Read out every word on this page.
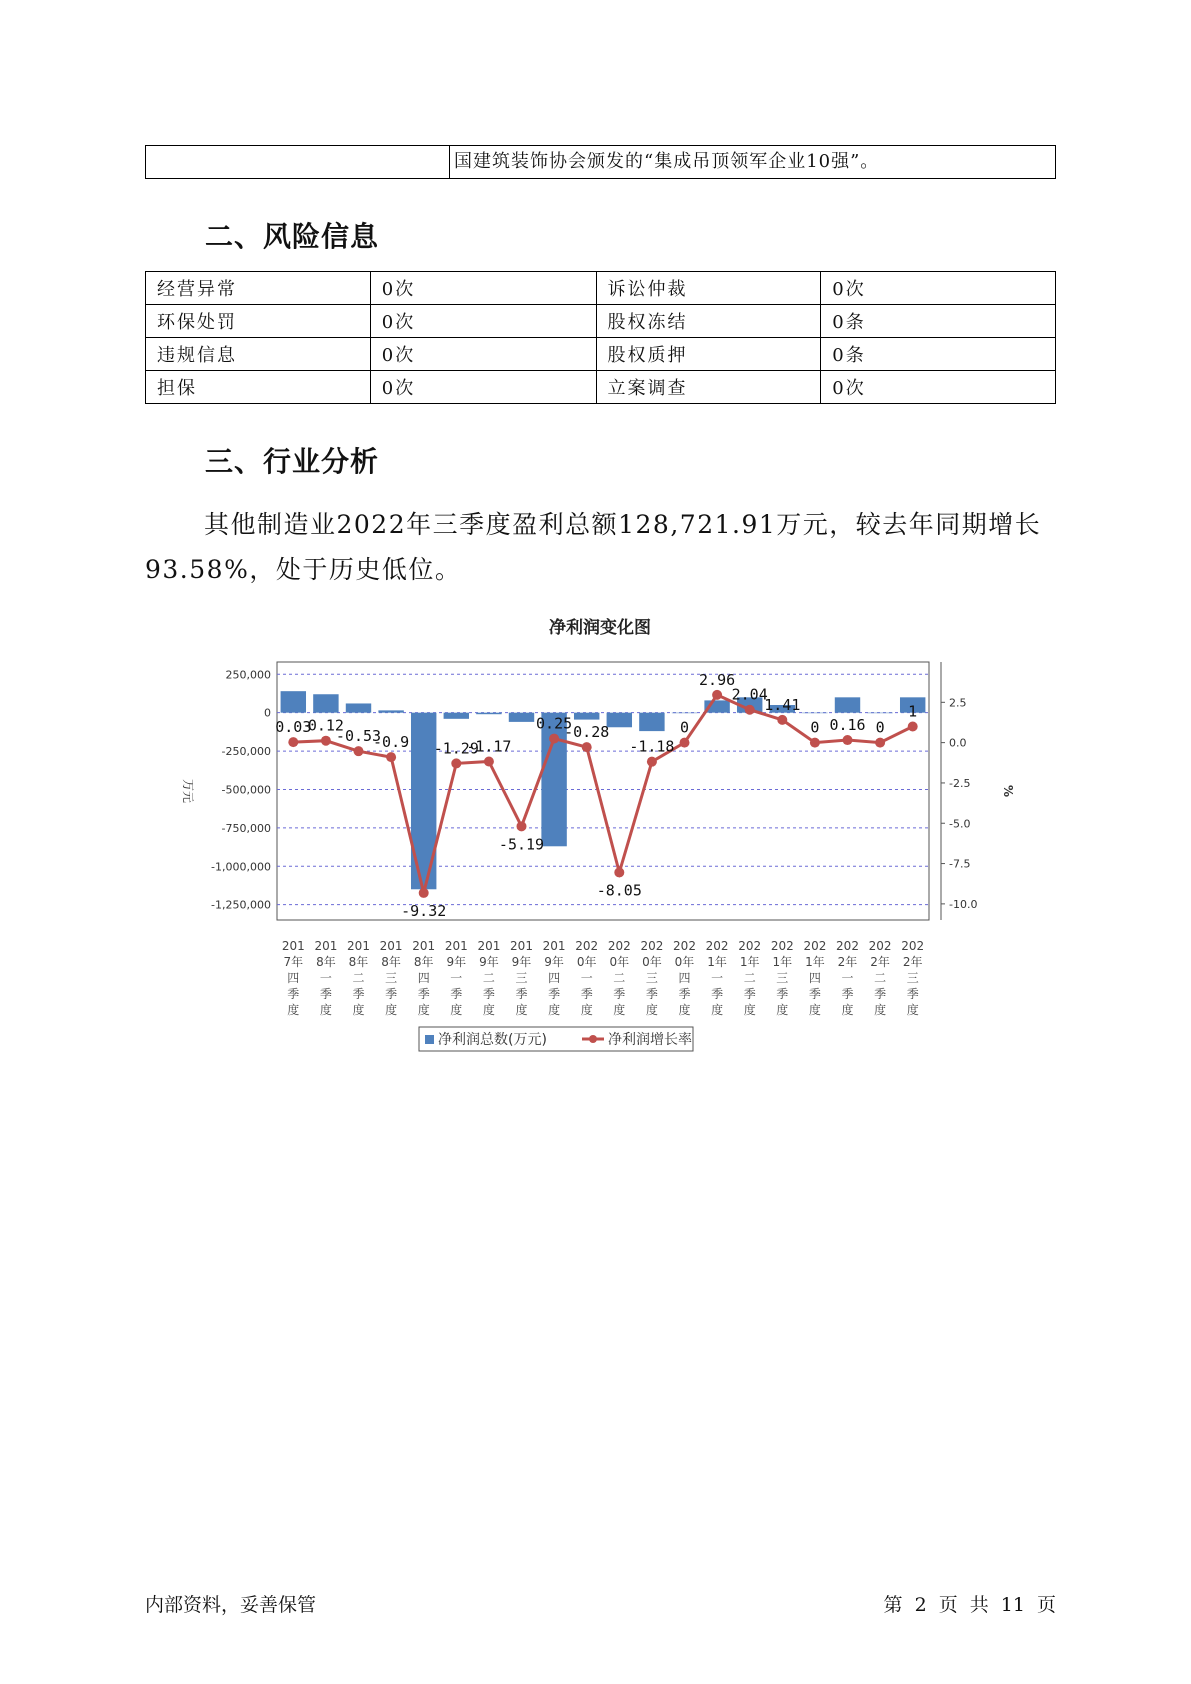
国建筑装饰协会颁发的“集成吊顶领军企业10强”。
二、风险信息
经营异常	0次	诉讼仲裁	0次
环保处罚	0次	股权冻结	0条
违规信息	0次	股权质押	0条
担保	0次	立案调查	0次
三、行业分析
其他制造业2022年三季度盈利总额128,721.91万元，较去年同期增长93.58%，处于历史低位。
净利润变化图
250,000
0
-250,000
-500,000
-750,000
-1,000,000
-1,250,000
2.5
0.0
-2.5
-5.0
-7.5
-10.0
万元	%
0.03
0.12
-0.53
-0.9
-9.32
-1.29
-1.17
-5.19
0.25
-0.28
-8.05
-1.18
0
2.96
2.04
1.41
0 0.16 0
1
201
7年
四
季
度
201
8年
一
季
度
201
8年
二
季
度
201
8年
三
季
度
201
8年
四
季
度
201
9年
一
季
度
201
9年
二
季
度
201
9年
三
季
度
201
9年
四
季
度
202
0年
一
季
度
202
0年
二
季
度
202
0年
三
季
度
202
0年
四
季
度
202
1年
一
季
度
202
1年
二
季
度
202
1年
三
季
度
202
1年
四
季
度
202
2年
一
季
度
202
2年
二
季
度
202
2年
三
季
度
净利润总数(万元)	净利润增长率
内部资料，妥善保管	第 2 页 共 11 页
